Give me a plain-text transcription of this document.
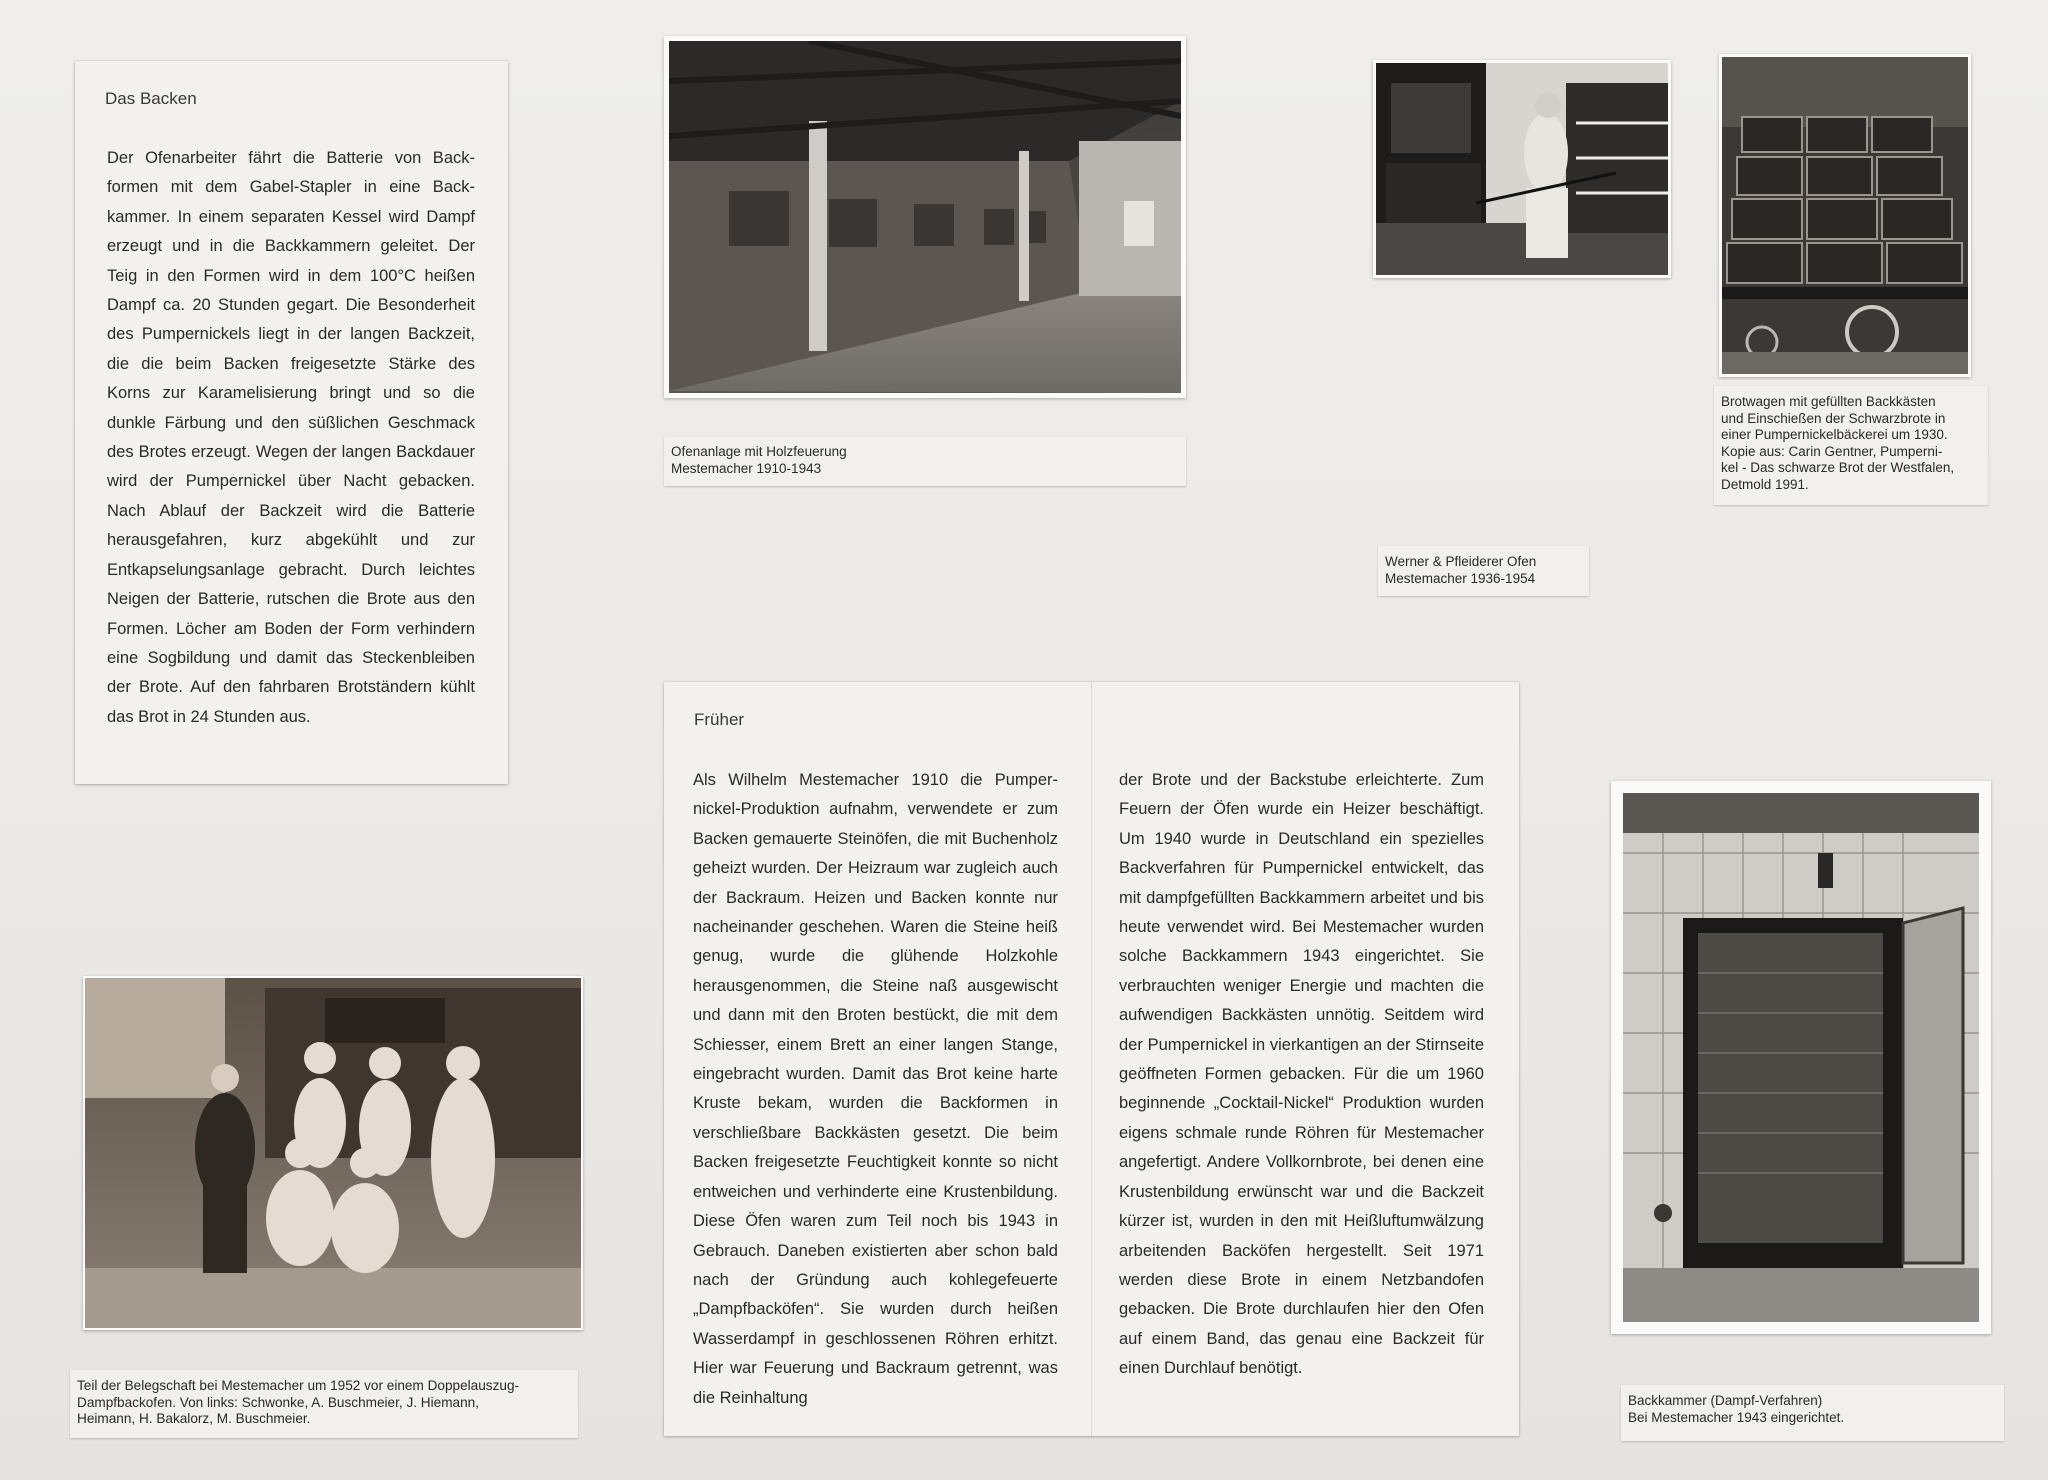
Das Backen

Der Ofenarbeiter fährt die Batterie von Backformen mit dem Gabel-Stapler in eine Backkammer. In einem separaten Kessel wird Dampf erzeugt und in die Backkammern geleitet. Der Teig in den Formen wird in dem 100°C heißen Dampf ca. 20 Stunden gegart. Die Besonderheit des Pumpernickels liegt in der langen Backzeit, die die beim Backen freigesetzte Stärke des Korns zur Karamelisierung bringt und so die dunkle Färbung und den süßlichen Geschmack des Brotes erzeugt. Wegen der langen Backdauer wird der Pumpernickel über Nacht gebacken. Nach Ablauf der Backzeit wird die Batterie herausgefahren, kurz abgekühlt und zur Entkapselungsanlage gebracht. Durch leichtes Neigen der Batterie, rutschen die Brote aus den Formen. Löcher am Boden der Form verhindern eine Sogbildung und damit das Steckenbleiben der Brote. Auf den fahrbaren Brotständern kühlt das Brot in 24 Stunden aus.

Ofenanlage mit Holzfeuerung
Mestemacher 1910-1943
Werner & Pfleiderer Ofen
Mestemacher 1936-1954
Brotwagen mit gefüllten Backkästen
und Einschießen der Schwarzbrote in
einer Pumpernickelbäckerei um 1930.
Kopie aus: Carin Gentner, Pumperni-
kel - Das schwarze Brot der Westfalen,
Detmold 1991.
Früher

Als Wilhelm Mestemacher 1910 die Pumpernickel-Produktion aufnahm, verwendete er zum Backen gemauerte Steinöfen, die mit Buchenholz geheizt wurden. Der Heizraum war zugleich auch der Backraum. Heizen und Backen konnte nur nacheinander geschehen. Waren die Steine heiß genug, wurde die glühende Holzkohle herausgenommen, die Steine naß ausgewischt und dann mit den Broten bestückt, die mit dem Schiesser, einem Brett an einer langen Stange, eingebracht wurden. Damit das Brot keine harte Kruste bekam, wurden die Backformen in verschließbare Backkästen gesetzt. Die beim Backen freigesetzte Feuchtigkeit konnte so nicht entweichen und verhinderte eine Krustenbildung. Diese Öfen waren zum Teil noch bis 1943 in Gebrauch. Daneben existierten aber schon bald nach der Gründung auch kohlegefeuerte „Dampfbacköfen“. Sie wurden durch heißen Wasserdampf in geschlossenen Röhren erhitzt. Hier war Feuerung und Backraum getrennt, was die Reinhaltung

der Brote und der Backstube erleichterte. Zum Feuern der Öfen wurde ein Heizer beschäftigt. Um 1940 wurde in Deutschland ein spezielles Backverfahren für Pumpernickel entwickelt, das mit dampfgefüllten Backkammern arbeitet und bis heute verwendet wird. Bei Mestemacher wurden solche Backkammern 1943 eingerichtet. Sie verbrauchten weniger Energie und machten die aufwendigen Backkästen unnötig. Seitdem wird der Pumpernickel in vierkantigen an der Stirnseite geöffneten Formen gebacken. Für die um 1960 beginnende „Cocktail-Nickel“ Produktion wurden eigens schmale runde Röhren für Mestemacher angefertigt. Andere Vollkornbrote, bei denen eine Krustenbildung erwünscht war und die Backzeit kürzer ist, wurden in den mit Heißluftumwälzung arbeitenden Backöfen hergestellt. Seit 1971 werden diese Brote in einem Netzbandofen gebacken. Die Brote durchlaufen hier den Ofen auf einem Band, das genau eine Backzeit für einen Durchlauf benötigt.

Teil der Belegschaft bei Mestemacher um 1952 vor einem Doppelauszug-
Dampfbackofen. Von links: Schwonke, A. Buschmeier, J. Hiemann,
Heimann, H. Bakalorz, M. Buschmeier.
Backkammer (Dampf-Verfahren)
Bei Mestemacher 1943 eingerichtet.
